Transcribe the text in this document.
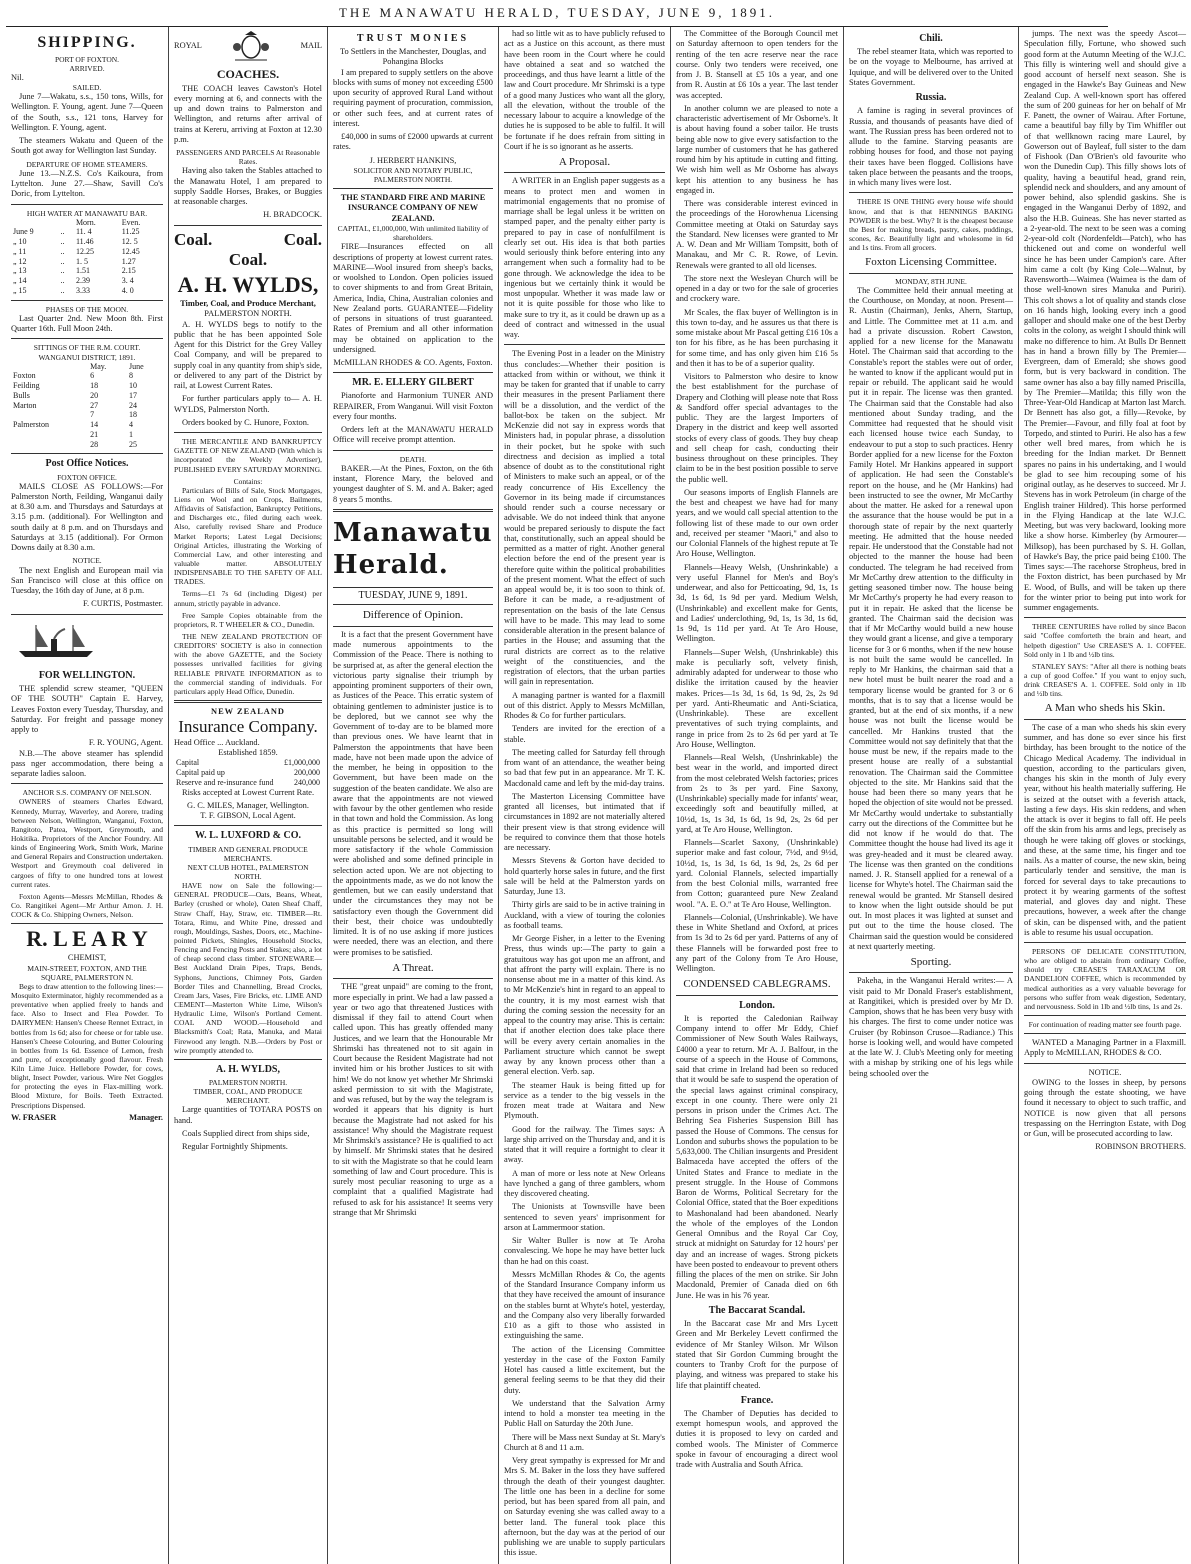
THE MANAWATU HERALD, TUESDAY, JUNE 9, 1891.
SHIPPING.
PORT OF FOXTON.
ARRIVED.
Nil.
SAILED.

June 7—Wakatu, s.s., 150 tons, Wills, for Wellington. F. Young, agent. June 7—Queen of the South, s.s., 121 tons, Harvey for Wellington. F. Young, agent.

The steamers Wakatu and Queen of the South got away for Wellington last Sunday.

DEPARTURE OF HOME STEAMERS.

June 13.—N.Z.S. Co's Kaikoura, from Lyttelton. June 27.—Shaw, Savill Co's Doric, from Lyttelton.

HIGH WATER AT MANAWATU BAR.
		Morn.	Even.
June 9	..	11. 4	11.25
„ 10	..	11.46	12. 5
„ 11	..	12.25	12.45
„ 12	..	1. 5	1.27
„ 13	..	1.51	2.15
„ 14	..	2.39	3. 4
„ 15	..	3.33	4. 0
PHASES OF THE MOON.

Last Quarter 2nd. New Moon 8th. First Quarter 16th. Full Moon 24th.

SITTINGS OF THE R.M. COURT.
WANGANUI DISTRICT, 1891.
	May.	June
Foxton	6	8
Feilding	18	10
Bulls	20	17
Marton	27	24
	7	18
Palmerston	14	4
	21	1
	28	25
Post Office Notices.
FOXTON OFFICE.

MAILS CLOSE AS FOLLOWS:—For Palmerston North, Feilding, Wanganui daily at 8.30 a.m. and Thursdays and Saturdays at 3.15 p.m. (additional). For Wellington and south daily at 8 p.m. and on Thursdays and Saturdays at 3.15 (additional). For Ormon Downs daily at 8.30 a.m.

NOTICE.

The next English and European mail via San Francisco will close at this office on Tuesday, the 16th day of June, at 8 p.m.

F. CURTIS, Postmaster.
FOR WELLINGTON.

THE splendid screw steamer, "QUEEN OF THE SOUTH" Captain E. Harvey, Leaves Foxton every Tuesday, Thursday, and Saturday. For freight and passage money apply to

F. R. YOUNG, Agent.

N.B.—The above steamer has splendid pass nger accommodation, there being a separate ladies saloon.

ANCHOR S.S. COMPANY OF NELSON.

OWNERS of steamers Charles Edward, Kennedy, Murray, Waverley, and Aorere, trading between Nelson, Wellington, Wanganui, Foxton, Rangitoto, Patea, Westport, Greymouth, and Hokitika. Proprietors of the Anchor Foundry. All kinds of Engineering Work, Smith Work, Marine and General Repairs and Construction undertaken. Westport and Greymouth coal delivered in cargoes of fifty to one hundred tons at lowest current rates.

Foxton Agents—Messrs McMillan, Rhodes & Co. Rangitikei Agent—Mr Arthur Amon. J. H. COCK & Co. Shipping Owners, Nelson.

R. L E A R Y
CHEMIST,
MAIN-STREET, FOXTON, AND THE SQUARE, PALMERSTON N.

Begs to draw attention to the following lines:— Mosquito Exterminator, highly recommended as a preventative when applied freely to hands and face. Also to Insect and Flea Powder. To DAIRYMEN: Hansen's Cheese Rennet Extract, in bottles from 1s 6d; also for cheese or for table use. Hansen's Cheese Colouring, and Butter Colouring in bottles from 1s 6d. Essence of Lemon, fresh and pure, of exceptionally good flavour. Fresh Kiln Lime Juice. Hellebore Powder, for cows, blight, Insect Powder, various. Wire Net Goggles for protecting the eyes in Flax-milling work. Blood Mixture, for Boils. Teeth Extracted. Prescriptions Dispensed.

W. FRASER	Manager.
ROYAL	MAIL
COACHES.

THE COACH leaves Cawston's Hotel every morning at 6, and connects with the up and down trains to Palmerston and Wellington, and returns after arrival of trains at Kereru, arriving at Foxton at 12.30 p.m.

PASSENGERS AND PARCELS At Reasonable Rates.

Having also taken the Stables attached to the Manawatu Hotel, I am prepared to supply Saddle Horses, Brakes, or Buggies at reasonable charges.

H. BRADCOCK.
Coal.	Coal.
Coal.
A. H. WYLDS,
Timber, Coal, and Produce Merchant,
PALMERSTON NORTH.

A. H. WYLDS begs to notify to the public that he has been appointed Sole Agent for this District for the Grey Valley Coal Company, and will be prepared to supply coal in any quantity from ship's side, or delivered to any part of the District by rail, at Lowest Current Rates.

For further particulars apply to— A. H. WYLDS, Palmerston North.

Orders booked by C. Hunore, Foxton.

THE MERCANTILE AND BANKRUPTCY GAZETTE OF NEW ZEALAND (With which is incorporated the Weekly Advertiser), PUBLISHED EVERY SATURDAY MORNING.

Contains:

Particulars of Bills of Sale, Stock Mortgages, Liens on Wool and on Crops, Bailments, Affidavits of Satisfaction, Bankruptcy Petitions, and Discharges etc., filed during each week. Also, carefully revised Share and Produce Market Reports; Latest Legal Decisions; Original Articles, illustrating the Working of Commercial Law, and other interesting and valuable matter. ABSOLUTELY INDISPENSABLE TO THE SAFETY OF ALL TRADES.

Terms—£1 7s 6d (including Digest) per annum, strictly payable in advance.

Free Sample Copies obtainable from the proprietors, R. T WHEELER & CO., Dunedin.

THE NEW ZEALAND PROTECTION OF CREDITORS' SOCIETY is also in connection with the above GAZETTE, and the Society possesses unrivalled facilities for giving RELIABLE PRIVATE INFORMATION as to the commercial standing of individuals. For particulars apply Head Office, Dunedin.

NEW ZEALAND
Insurance Company.
Head Office ... Auckland.
Established 1859.
Capital	£1,000,000
Capital paid up	200,000
Reserve and re-insurance fund	240,000

Risks accepted at Lowest Current Rate.

G. C. MILES, Manager, Wellington.
T. F. GIBSON, Local Agent.
W. L. LUXFORD & CO.
TIMBER AND GENERAL PRODUCE MERCHANTS.
NEXT CLUB HOTEL, PALMERSTON NORTH.

HAVE now on Sale the following:— GENERAL PRODUCE—Oats, Beans, Wheat, Barley (crushed or whole), Oaten Sheaf Chaff, Straw Chaff, Hay, Straw, etc. TIMBER—Rt. Totara, Rimu, and White Pine, dressed and rough, Mouldings, Sashes, Doors, etc., Machine-pointed Pickets, Shingles, Household Stocks, Fencing and Fencing Posts and Stakes; also, a lot of cheap second class timber. STONEWARE—Best Auckland Drain Pipes, Traps, Bends, Syphons, Junctions, Chimney Pots, Garden Border Tiles and Channelling, Bread Crocks, Cream Jars, Vases, Fire Bricks, etc. LIME AND CEMENT—Masterton White Lime, Wilson's Hydraulic Lime, Wilson's Portland Cement. COAL AND WOOD.—Household and Blacksmith's Coal; Rata, Manuka, and Matai Firewood any length. N.B.—Orders by Post or wire promptly attended to.

A. H. WYLDS,
PALMERSTON NORTH.
TIMBER, COAL, AND PRODUCE MERCHANT.

Large quantities of TOTARA POSTS on hand.

Coals Supplied direct from ships side,

Regular Fortnightly Shipments.

TRUST MONIES
To Settlers in the Manchester, Douglas, and Pohangina Blocks

I am prepared to supply settlers on the above blocks with sums of money not exceeding £500 upon security of approved Rural Land without requiring payment of procuration, commission, or other such fees, and at current rates of interest.

£40,000 in sums of £2000 upwards at current rates.

J. HERBERT HANKINS,
SOLICITOR AND NOTARY PUBLIC, PALMERSTON NORTH.
THE STANDARD FIRE AND MARINE INSURANCE COMPANY OF NEW ZEALAND.
CAPITAL, £1,000,000, With unlimited liability of shareholders.

FIRE—Insurances effected on all descriptions of property at lowest current rates. MARINE—Wool insured from sheep's backs, or woolshed to London. Open policies issued to cover shipments to and from Great Britain, America, India, China, Australian colonies and New Zealand ports. GUARANTEE—Fidelity of persons in situations of trust guaranteed. Rates of Premium and all other information may be obtained on application to the undersigned.

McMILLAN RHODES & CO. Agents, Foxton.
MR. E. ELLERY GILBERT

Pianoforte and Harmonium TUNER AND REPAIRER, From Wanganui. Will visit Foxton every four months.

Orders left at the MANAWATU HERALD Office will receive prompt attention.

DEATH.

BAKER.—At the Pines, Foxton, on the 6th instant, Florence Mary, the beloved and youngest daughter of S. M. and A. Baker; aged 8 years 5 months.

Manawatu Herald.
TUESDAY, JUNE 9, 1891.
Difference of Opinion.

It is a fact that the present Government have made numerous appointments to the Commission of the Peace. There is nothing to be surprised at, as after the general election the victorious party signalise their triumph by appointing prominent supporters of their own, as Justices of the Peace. This erratic system of obtaining gentlemen to administer justice is to be deplored, but we cannot see why the Government of to-day are to be blamed more than previous ones. We have learnt that in Palmerston the appointments that have been made, have not been made upon the advice of the member, he being in opposition to the Government, but have been made on the suggestion of the beaten candidate. We also are aware that the appointments are not viewed with favour by the other gentlemen who reside in that town and hold the Commission. As long as this practice is permitted so long will unsuitable persons be selected, and it would be more satisfactory if the whole Commission were abolished and some defined principle in selection acted upon. We are not objecting to the appointments made, as we do not know the gentlemen, but we can easily understand that under the circumstances they may not be satisfactory even though the Government did their best, their choice was undoubtedly limited. It is of no use asking if more justices were needed, there was an election, and there were promises to be satisfied.

A Threat.

THE "great unpaid" are coming to the front, more especially in print. We had a law passed a year or two ago that threatened Justices with dismissal if they fail to attend Court when called upon. This has greatly offended many Justices, and we learn that the Honourable Mr Shrimski has threatened not to sit again in Court because the Resident Magistrate had not invited him or his brother Justices to sit with him! We do not know yet whether Mr Shrimski asked permission to sit with the Magistrate, and was refused, but by the way the telegram is worded it appears that his dignity is hurt because the Magistrate had not asked for his assistance! Why should the Magistrate request Mr Shrimski's assistance? He is qualified to act by himself. Mr Shrimski states that he desired to sit with the Magistrate so that he could learn something of law and Court procedure. This is surely most peculiar reasoning to urge as a complaint that a qualified Magistrate had refused to ask for his assistance! It seems very strange that Mr Shrimski

had so little wit as to have publicly refused to act as a Justice on this account, as there must have been room in the Court where he could have obtained a seat and so watched the proceedings, and thus have learnt a little of the law and Court procedure. Mr Shrimski is a type of a good many Justices who want all the glory, all the elevation, without the trouble of the necessary labour to acquire a knowledge of the duties he is supposed to be able to fulfil. It will be fortunate if he does refrain from sitting in Court if he is so ignorant as he asserts.

A Proposal.

A WRITER in an English paper suggests as a means to protect men and women in matrimonial engagements that no promise of marriage shall be legal unless it be written on stamped paper, and the penalty either party is prepared to pay in case of nonfulfilment is clearly set out. His idea is that both parties would seriously think before entering into any arrangement when such a formality had to be gone through. We acknowledge the idea to be ingenious but we certainly think it would be most unpopular. Whether it was made law or not it is quite possible for those who like to make sure to try it, as it could be drawn up as a deed of contract and witnessed in the usual way.

The Evening Post in a leader on the Ministry thus concludes:—Whether their position is attacked from within or without, we think it may be taken for granted that if unable to carry their measures in the present Parliament there will be a dissolution, and the verdict of the ballot-box be taken on the subject. Mr McKenzie did not say in express words that Ministers had, in popular phrase, a dissolution in their pocket, but he spoke with such directness and decision as implied a total absence of doubt as to the constitutional right of Ministers to make such an appeal, or of the ready concurrence of His Excellency the Governor in its being made if circumstances should render such a course necessary or advisable. We do not indeed think that anyone would be prepared seriously to dispute the fact that, constitutionally, such an appeal should be permitted as a matter of right. Another general election before the end of the present year is therefore quite within the political probabilities of the present moment. What the effect of such an appeal would be, it is too soon to think of. Before it can be made, a re-adjustment of representation on the basis of the late Census will have to be made. This may lead to some considerable alteration in the present balance of parties in the House; and assuming that the rural districts are correct as to the relative weight of the constituencies, and the registration of electors, that the urban parties will gain in representation.

A managing partner is wanted for a flaxmill out of this district. Apply to Messrs McMillan, Rhodes & Co for further particulars.

Tenders are invited for the erection of a stable.

The meeting called for Saturday fell through from want of an attendance, the weather being so bad that few put in an appearance. Mr T. K. Macdonald came and left by the mid-day trains.

The Masterton Licensing Committee have granted all licenses, but intimated that if circumstances in 1892 are not materially altered their present view is that strong evidence will be required to convince them that those hotels are necessary.

Messrs Stevens & Gorton have decided to hold quarterly horse sales in future, and the first sale will be held at the Palmerston yards on Saturday, June 13.

Thirty girls are said to be in active training in Auckland, with a view of touring the colonies as football teams.

Mr George Fisher, in a letter to the Evening Press, thus winds up:—The party to gain a gratuitous way has got upon me an affront, and that affront the party will explain. There is no nonsense about me in a matter of this kind. As to Mr McKenzie's hint in regard to an appeal to the country, it is my most earnest wish that during the coming session the necessity for an appeal to the country may arise. This is certain: that if another election does take place there will be every avery certain anomalies in the Parliament structure which cannot be swept away by any known process other than a general election. Verb. sap.

The steamer Hauk is being fitted up for service as a tender to the big vessels in the frozen meat trade at Waitara and New Plymouth.

Good for the railway. The Times says: A large ship arrived on the Thursday and, and it is stated that it will require a fortnight to clear it away.

A man of more or less note at New Orleans have lynched a gang of three gamblers, whom they discovered cheating.

The Unionists at Townsville have been sentenced to seven years' imprisonment for arson at Lammermoor station.

Sir Walter Buller is now at Te Aroha convalescing. We hope he may have better luck than he had on this coast.

Messrs McMillan Rhodes & Co, the agents of the Standard Insurance Company inform us that they have received the amount of insurance on the stables burnt at Whyte's hotel, yesterday, and the Company also very liberally forwarded £10 as a gift to those who assisted in extinguishing the same.

The action of the Licensing Committee yesterday in the case of the Foxton Family Hotel has caused a little excitement, but the general feeling seems to be that they did their duty.

We understand that the Salvation Army intend to hold a monster tea meeting in the Public Hall on Saturday the 20th June.

There will be Mass next Sunday at St. Mary's Church at 8 and 11 a.m.

Very great sympathy is expressed for Mr and Mrs S. M. Baker in the loss they have suffered through the death of their youngest daughter. The little one has been in a decline for some period, but has been spared from all pain, and on Saturday evening she was called away to a better land. The funeral took place this afternoon, but the day was at the period of our publishing we are unable to supply particulars this issue.

The Committee of the Borough Council met on Saturday afternoon to open tenders for the renting of the ten acre reserve near the race course. Only two tenders were received, one from J. B. Stansell at £5 10s a year, and one from R. Austin at £6 10s a year. The last tender was accepted.

In another column we are pleased to note a characteristic advertisement of Mr Osborne's. It is about having found a sober tailor. He trusts being able now to give every satisfaction to the large number of customers that he has gathered round him by his aptitude in cutting and fitting. We wish him well as Mr Osborne has always kept his attention to any business he has engaged in.

There was considerable interest evinced in the proceedings of the Horowhenua Licensing Committee meeting at Otaki on Saturday says the Standard. New licenses were granted to Mr A. W. Dean and Mr William Tompsitt, both of Manakau, and Mr C. R. Rowe, of Levin. Renewals were granted to all old licenses.

The store next the Wesleyan Church will be opened in a day or two for the sale of groceries and crockery ware.

Mr Scales, the flax buyer of Wellington is in this town to-day, and he assures us that there is some mistake about Mr Pascal getting £16 10s a ton for his fibre, as he has been purchasing it for some time, and has only given him £16 5s and then it has to be of a superior quality.

Visitors to Palmerston who desire to know the best establishment for the purchase of Drapery and Clothing will please note that Ross & Sandford offer special advantages to the public. They are the largest Importers of Drapery in the district and keep well assorted stocks of every class of goods. They buy cheap and sell cheap for cash, conducting their business throughout on these principles. They claim to be in the best position possible to serve the public well.

Our seasons imports of English Flannels are the best and cheapest we have had for many years, and we would call special attention to the following list of these made to our own order and, received per steamer "Maori," and also to our Colonial Flannels of the highest repute at Te Aro House, Wellington.

Flannels—Heavy Welsh, (Unshrinkable) a very useful Flannel for Men's and Boy's underwear, and also for Petticoating, 9d, 1s, 1s 3d, 1s 6d, 1s 9d per yard. Medium Welsh, (Unshrinkable) and excellent make for Gents, and Ladies' underclothing, 9d, 1s, 1s 3d, 1s 6d, 1s 9d, 1s 11d per yard. At Te Aro House, Wellington.

Flannels—Super Welsh, (Unshrinkable) this make is peculiarly soft, velvety finish, admirably adapted for underwear to those who dislike the irritation caused by the heavier makes. Prices—1s 3d, 1s 6d, 1s 9d, 2s, 2s 9d per yard. Anti-Rheumatic and Anti-Sciatica, (Unshrinkable). These are excellent preventatives of such trying complaints, and range in price from 2s to 2s 6d per yard at Te Aro House, Wellington.

Flannels—Real Welsh, (Unshrinkable) the best wear in the world, and imported direct from the most celebrated Welsh factories; prices from 2s to 3s per yard. Fine Saxony, (Unshrinkable) specially made for infants' wear, exceedingly soft and beautifully milled, at 10½d, 1s, 1s 3d, 1s 6d, 1s 9d, 2s, 2s 6d per yard, at Te Aro House, Wellington.

Flannels—Scarlet Saxony, (Unshrinkable) superior make and fast colour, 7½d, and 9½d, 10½d, 1s, 1s 3d, 1s 6d, 1s 9d, 2s, 2s 6d per yard. Colonial Flannels, selected impartially from the best Colonial mills, warranted free from Cotton; guaranteed pure New Zealand wool. "A. E. O." at Te Aro House, Wellington.

Flannels—Colonial, (Unshrinkable). We have these in White Shetland and Oxford, at prices from 1s 3d to 2s 6d per yard. Patterns of any of these Flannels will be forwarded post free to any part of the Colony from Te Aro House, Wellington.

CONDENSED CABLEGRAMS.
London.

It is reported the Caledonian Railway Company intend to offer Mr Eddy, Chief Commissioner of New South Wales Railways, £4000 a year to return. Mr A. J. Balfour, in the course of a speech in the House of Commons, said that crime in Ireland had been so reduced that it would be safe to suspend the operation of the special laws against criminal conspiracy, except in one county. There were only 21 persons in prison under the Crimes Act. The Behring Sea Fisheries Suspension Bill has passed the House of Commons. The census for London and suburbs shows the population to be 5,633,000. The Chilian insurgents and President Balmaceda have accepted the offers of the United States and France to mediate in the present struggle. In the House of Commons Baron de Worms, Political Secretary for the Colonial Office, stated that the Boer expeditions to Mashonaland had been abandoned. Nearly the whole of the employes of the London General Omnibus and the Royal Car Coy, struck at midnight on Saturday for 12 hours' per day and an increase of wages. Strong pickets have been posted to endeavour to prevent others filling the places of the men on strike. Sir John Macdonald, Premier of Canada died on 6th June. He was in his 76 year.

The Baccarat Scandal.

In the Baccarat case Mr and Mrs Lycett Green and Mr Berkeley Levett confirmed the evidence of Mr Stanley Wilson. Mr Wilson stated that Sir Gordon Cumming brought the counters to Tranby Croft for the purpose of playing, and witness was prepared to stake his life that plaintiff cheated.

France.

The Chamber of Deputies has decided to exempt homespun wools, and approved the duties it is proposed to levy on carded and combed wools. The Minister of Commerce spoke in favour of encouraging a direct wool trade with Australia and South Africa.

Chili.

The rebel steamer Itata, which was reported to be on the voyage to Melbourne, has arrived at Iquique, and will be delivered over to the United States Government.

Russia.

A famine is raging in several provinces of Russia, and thousands of peasants have died of want. The Russian press has been ordered not to allude to the famine. Starving peasants are robbing houses for food, and those not paying their taxes have been flogged. Collisions have taken place between the peasants and the troops, in which many lives were lost.

THERE IS ONE THING every house wife should know, and that is that HENNINGS BAKING POWDER is the best. Why? It is the cheapest because the Best for making breads, pastry, cakes, puddings, scones, &c. Beautifully light and wholesome in 6d and 1s tins. From all grocers.

Foxton Licensing Committee.
MONDAY, 8TH JUNE.

The Committee held their annual meeting at the Courthouse, on Monday, at noon. Present—R. Austin (Chairman), Jenks, Ahern, Startup, and Little. The Committee met at 11 a.m. and had a private discussion. Robert Cawston, applied for a new license for the Manawatu Hotel. The Chairman said that according to the Constable's report the stables were out of order, he wanted to know if the applicant would put in repair or rebuild. The applicant said he would put it in repair. The license was then granted. The Chairman said that the Constable had also mentioned about Sunday trading, and the Committee had requested that he should visit each licensed house twice each Sunday, to endeavour to put a stop to such practices. Henry Border applied for a new license for the Foxton Family Hotel. Mr Hankins appeared in support of application. He had seen the Constable's report on the house, and he (Mr Hankins) had been instructed to see the owner, Mr McCarthy about the matter. He asked for a renewal upon the assurance that the house would be put in a thorough state of repair by the next quarterly meeting. He admitted that the house needed repair. He understood that the Constable had not objected to the manner the house had been conducted. The telegram he had received from Mr McCarthy drew attention to the difficulty in getting seasoned timber now. The house being Mr McCarthy's property he had every reason to put it in repair. He asked that the license be granted. The Chairman said the decision was that if Mr McCarthy would build a new house they would grant a license, and give a temporary license for 3 or 6 months, when if the new house is not built the same would be cancelled. In reply to Mr Hankins, the chairman said that a new hotel must be built nearer the road and a temporary license would be granted for 3 or 6 months, that is to say that a license would be granted, but at the end of six months, if a new house was not built the license would be cancelled. Mr Hankins trusted that the Committee would not say definitely that that the house must be new, if the repairs made to the present house are really of a substantial renovation. The Chairman said the Committee objected to the site. Mr Hankins said that the house had been there so many years that he hoped the objection of site would not be pressed. Mr McCarthy would undertake to substantially carry out the directions of the Committee but he did not know if he would do that. The Committee thought the house had lived its age it was grey-headed and it must be cleared away. The license was then granted on the conditions named. J. R. Stansell applied for a renewal of a license for Whyte's hotel. The Chairman said the renewal would be granted. Mr Stansell desired to know when the light outside should be put out. In most places it was lighted at sunset and put out to the time the house closed. The Chairman said the question would be considered at next quarterly meeting.

Sporting.

Pakeha, in the Wanganui Herald writes:— A visit paid to Mr Donald Fraser's establishment, at Rangitikei, which is presided over by Mr D. Campion, shows that he has been very busy with his charges. The first to come under notice was Cruiser (by Robinson Crusoe—Radiance.) This horse is looking well, and would have competed at the late W. J. Club's Meeting only for meeting with a mishap by striking one of his legs while being schooled over the

jumps. The next was the speedy Ascot—Speculation filly, Fortune, who showed such good form at the Autumn Meeting of the W.J.C. This filly is wintering well and should give a good account of herself next season. She is engaged in the Hawke's Bay Guineas and New Zealand Cup. A well-known sport has offered the sum of 200 guineas for her on behalf of Mr F. Panett, the owner of Wairau. After Fortune, came a beautiful bay filly by Tim Whiffler out of that wellknown racing mare Laurel, by Gowerson out of Bayleaf, full sister to the dam of Fishook (Dan O'Brien's old favourite who won the Dunedin Cup). This filly shows lots of quality, having a beautiful head, grand rein, splendid neck and shoulders, and any amount of power behind, also splendid gaskins. She is engaged in the Wanganui Derby of 1892, and also the H.B. Guineas. She has never started as a 2-year-old. The next to be seen was a coming 2-year-old colt (Nordenfeldt—Patch), who has thickened out and come on wonderful well since he has been under Campion's care. After him came a colt (by King Cole—Walnut, by Ravensworth—Waimea (Waimea is the dam of those well-known sires Manuka and Puriri). This colt shows a lot of quality and stands close on 16 hands high, looking every inch a good galloper and should make one of the best Derby colts in the colony, as weight I should think will make no difference to him. At Bulls Dr Bennett has in hand a brown filly by The Premier—Evergreen, dam of Emerald; she shows good form, but is very backward in condition. The same owner has also a bay filly named Priscilla, by The Premier—Matilda; this filly won the Three-Year-Old Handicap at Marton last March. Dr Bennett has also got, a filly—Revoke, by The Premier—Favour, and filly foal at foot by Torpedo, and stinted to Puriri. He also has a few other well bred mares, from which he is breeding for the Indian market. Dr Bennett spares no pains in his undertaking, and I would be glad to see him recouping some of his original outlay, as he deserves to succeed. Mr J. Stevens has in work Petroleum (in charge of the English trainer Hildred). This horse performed in the Flying Handicap at the late W.J.C. Meeting, but was very backward, looking more like a show horse. Kimberley (by Armourer—Milksop), has been purchased by S. H. Gollan, of Hawke's Bay, the price paid being £100. The Times says:—The racehorse Stropheus, bred in the Foxton district, has been purchased by Mr E. Wood, of Bulls, and will be taken up there for the winter prior to being put into work for summer engagements.

THREE CENTURIES have rolled by since Bacon said "Coffee comforteth the brain and heart, and helpeth digestion" Use CREASE'S A. 1. COFFEE. Sold only in 1 lb and ½lb tins.

STANLEY SAYS: "After all there is nothing beats a cup of good Coffee." If you want to enjoy such, drink CREASE'S A. 1. COFFEE. Sold only in 1lb and ½lb tins.

A Man who sheds his Skin.

The case of a man who sheds his skin every summer, and has done so ever since his first birthday, has been brought to the notice of the Chicago Medical Academy. The individual in question, according to the particulars given, changes his skin in the month of July every year, without his health materially suffering. He is seized at the outset with a feverish attack, lasting a few days. His skin reddens, and when the attack is over it begins to fall off. He peels off the skin from his arms and legs, precisely as though he were taking off gloves or stockings, and these, at the same time, his finger and toe nails. As a matter of course, the new skin, being particularly tender and sensitive, the man is forced for several days to take precautions to protect it by wearing garments of the softest material, and gloves day and night. These precautions, however, a week after the change of skin, can be dispensed with, and the patient is able to resume his usual occupation.

PERSONS OF DELICATE CONSTITUTION, who are obliged to abstain from ordinary Coffee, should try CREASE'S TARAXACUM OR DANDELION COFFEE, which is recommended by medical authorities as a very valuable beverage for persons who suffer from weak digestion, Sedentary, and nervousness. Sold in 1lb and ½lb tins, 1s and 2s.

For continuation of reading matter see fourth page.

WANTED a Managing Partner in a Flaxmill. Apply to McMILLAN, RHODES & CO.

NOTICE.

OWING to the losses in sheep, by persons going through the estate shooting, we have found it necessary to object to such traffic, and NOTICE is now given that all persons trespassing on the Herrington Estate, with Dog or Gun, will be prosecuted according to law.

ROBINSON BROTHERS.
